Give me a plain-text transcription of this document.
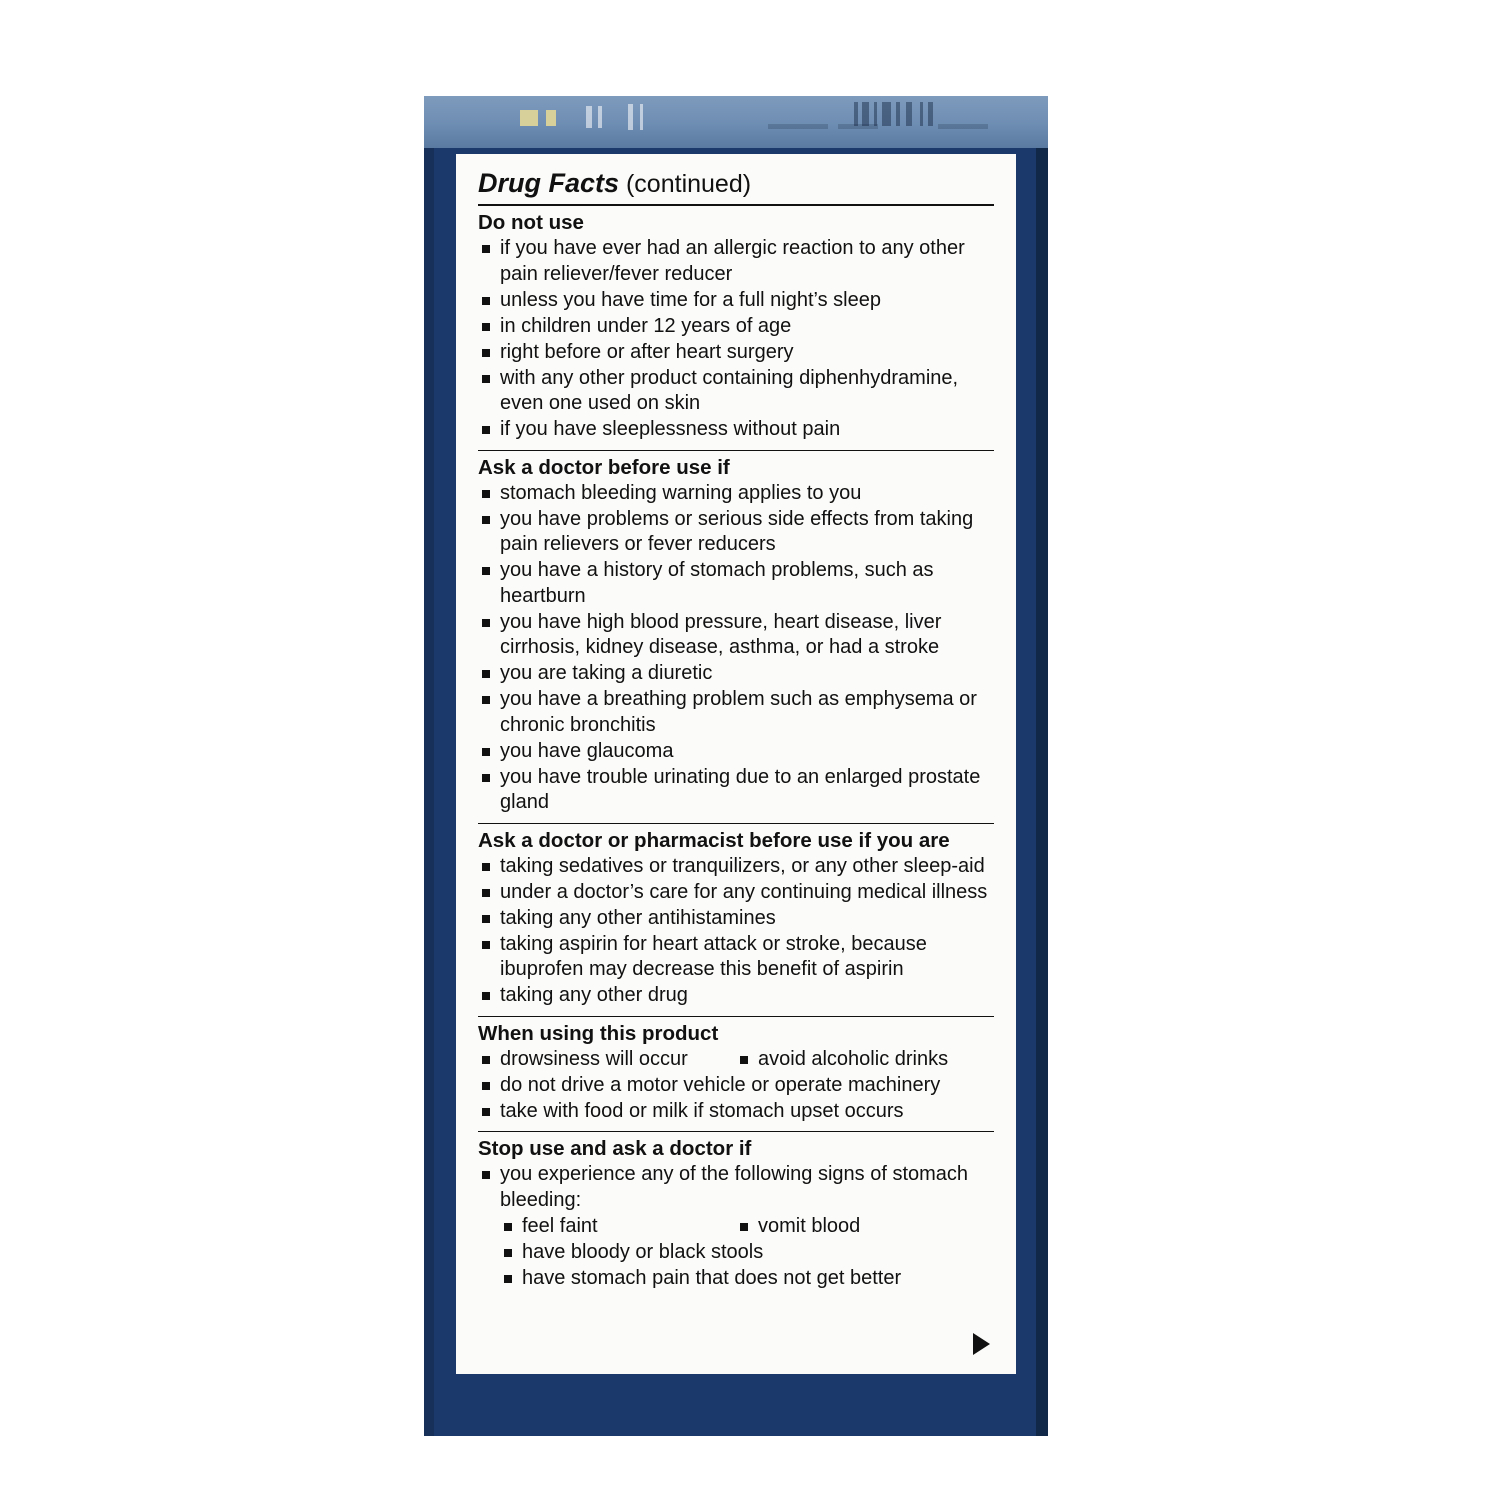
Drug Facts (continued)
Do not use
if you have ever had an allergic reaction to any other pain reliever/fever reducer
unless you have time for a full night’s sleep
in children under 12 years of age
right before or after heart surgery
with any other product containing diphenhydramine, even one used on skin
if you have sleeplessness without pain
Ask a doctor before use if
stomach bleeding warning applies to you
you have problems or serious side effects from taking pain relievers or fever reducers
you have a history of stomach problems, such as heartburn
you have high blood pressure, heart disease, liver cirrhosis, kidney disease, asthma, or had a stroke
you are taking a diuretic
you have a breathing problem such as emphysema or chronic bronchitis
you have glaucoma
you have trouble urinating due to an enlarged prostate gland
Ask a doctor or pharmacist before use if you are
taking sedatives or tranquilizers, or any other sleep-aid
under a doctor’s care for any continuing medical illness
taking any other antihistamines
taking aspirin for heart attack or stroke, because ibuprofen may decrease this benefit of aspirin
taking any other drug
When using this product
drowsiness will occur	avoid alcoholic drinks
do not drive a motor vehicle or operate machinery
take with food or milk if stomach upset occurs
Stop use and ask a doctor if
you experience any of the following signs of stomach bleeding:
feel faint	vomit blood
have bloody or black stools
have stomach pain that does not get better
